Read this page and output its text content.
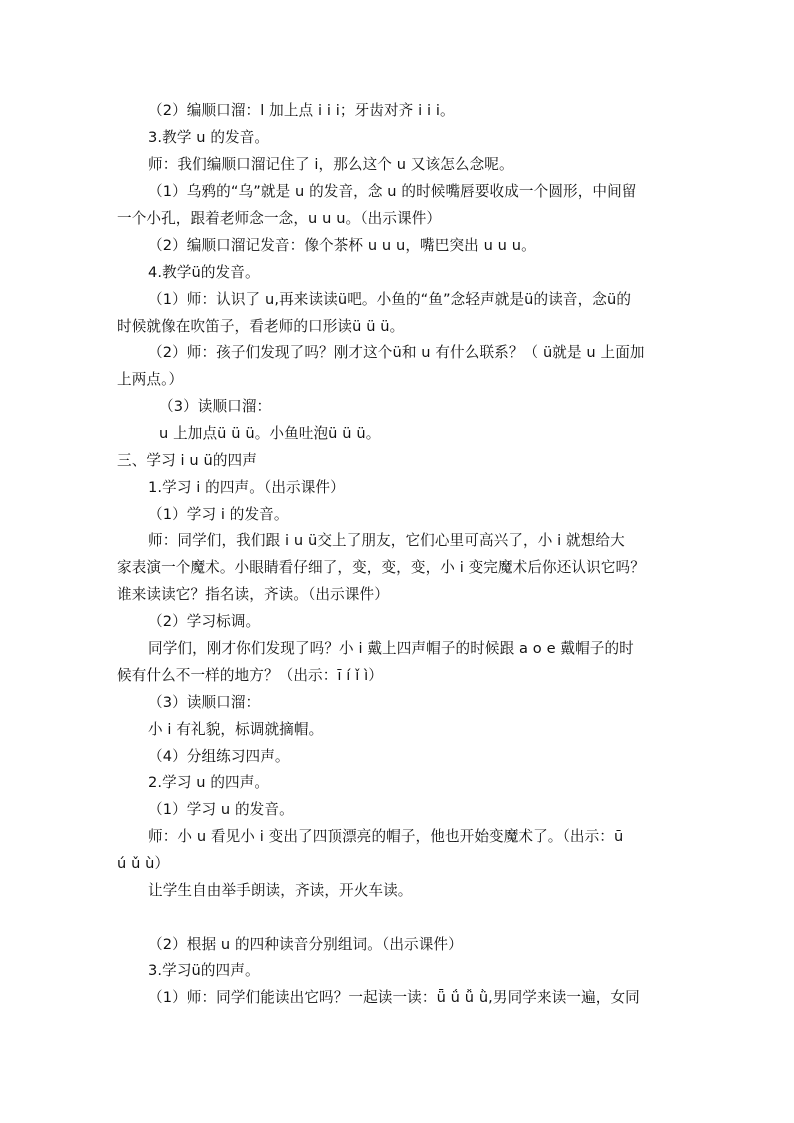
（2）编顺口溜：l 加上点 i i i；牙齿对齐 i i i。
3.教学 u 的发音。
师：我们编顺口溜记住了 i，那么这个 u 又该怎么念呢。
（1）乌鸦的“乌”就是 u 的发音，念 u 的时候嘴唇要收成一个圆形，中间留
一个小孔，跟着老师念一念，u u u。（出示课件）
（2）编顺口溜记发音：像个茶杯 u u u，嘴巴突出 u u u。
4.教学ü的发音。
（1）师：认识了 u,再来读读ü吧。小鱼的“鱼”念轻声就是ü的读音，念ü的
时候就像在吹笛子，看老师的口形读ü ü ü。
（2）师：孩子们发现了吗？刚才这个ü和 u 有什么联系？（ ü就是 u 上面加
上两点。）
（3）读顺口溜：
u 上加点ü ü ü。小鱼吐泡ü ü ü。
三、学习 i u ü的四声
1.学习 i 的四声。（出示课件）
（1）学习 i 的发音。
师：同学们，我们跟 i u ü交上了朋友，它们心里可高兴了，小 i 就想给大
家表演一个魔术。小眼睛看仔细了，变，变，变，小 i 变完魔术后你还认识它吗？
谁来读读它？指名读，齐读。（出示课件）
（2）学习标调。
同学们，刚才你们发现了吗？小 i 戴上四声帽子的时候跟 a o e 戴帽子的时
候有什么不一样的地方？（出示：ī í ǐ ì）
（3）读顺口溜：
小 i 有礼貌，标调就摘帽。
（4）分组练习四声。
2.学习 u 的四声。
（1）学习 u 的发音。
师：小 u 看见小 i 变出了四顶漂亮的帽子，他也开始变魔术了。（出示：ū
ú ǔ ù）
让学生自由举手朗读，齐读，开火车读。
（2）根据 u 的四种读音分别组词。（出示课件）
3.学习ü的四声。
（1）师：同学们能读出它吗？一起读一读：ǖ ǘ ǚ ǜ,男同学来读一遍，女同
